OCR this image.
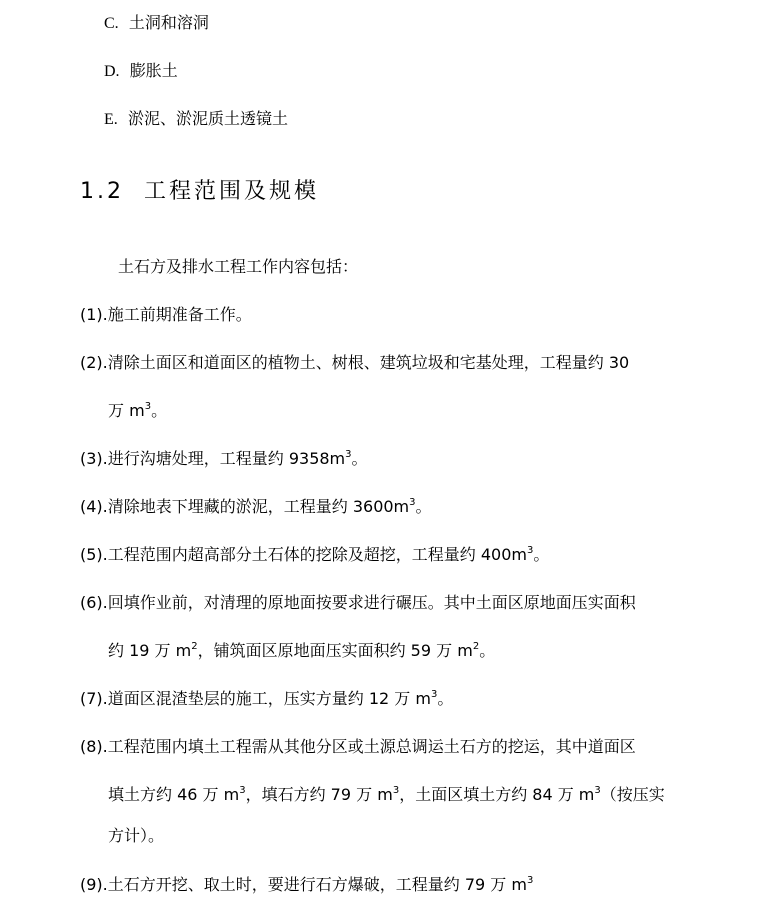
C. 土洞和溶洞
D. 膨胀土
E. 淤泥、淤泥质土透镜土
1.2 工程范围及规模
土石方及排水工程工作内容包括：
(1).施工前期准备工作。
(2).清除土面区和道面区的植物土、树根、建筑垃圾和宅基处理，工程量约 30
万 $m^3$。
(3).进行沟塘处理，工程量约 $9358m^3$。
(4).清除地表下埋藏的淤泥，工程量约 $3600m^3$。
(5).工程范围内超高部分土石体的挖除及超挖，工程量约 $400m^3$。
(6).回填作业前，对清理的原地面按要求进行碾压。其中土面区原地面压实面积
约 19 万 $m^2$，铺筑面区原地面压实面积约 59 万 $m^2$。
(7).道面区混渣垫层的施工，压实方量约 12 万 $m^3$。
(8).工程范围内填土工程需从其他分区或土源总调运土石方的挖运，其中道面区
填土方约 46 万 $m^3$，填石方约 79 万 $m^3$，土面区填土方约 84 万 $m^3$（按压实
方计）。
(9).土石方开挖、取土时，要进行石方爆破，工程量约 79 万 $m^3$
